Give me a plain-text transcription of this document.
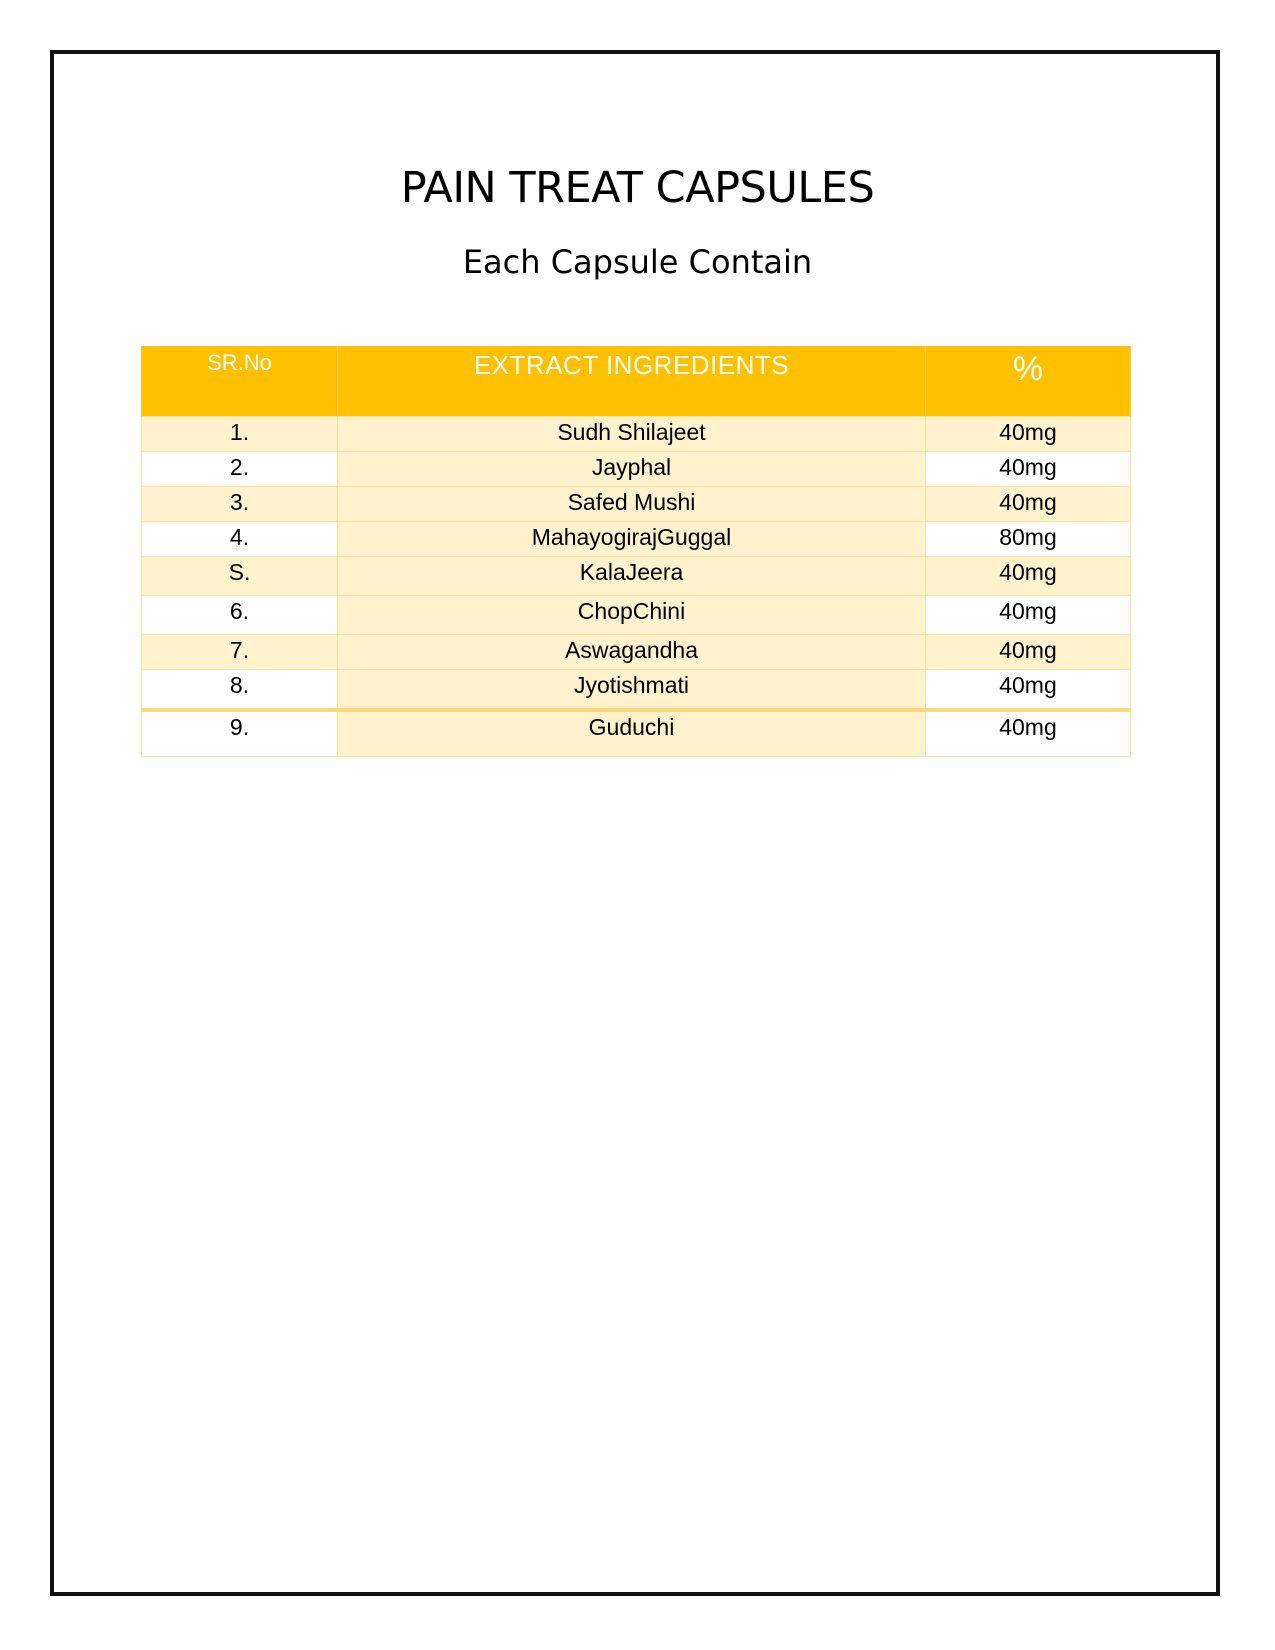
PAIN TREAT CAPSULES
Each Capsule Contain
SR.No	EXTRACT INGREDIENTS	%
1.	Sudh Shilajeet	40mg
2.	Jayphal	40mg
3.	Safed Mushi	40mg
4.	MahayogirajGuggal	80mg
S.	KalaJeera	40mg
6.	ChopChini	40mg
7.	Aswagandha	40mg
8.	Jyotishmati	40mg
9.	Guduchi	40mg
